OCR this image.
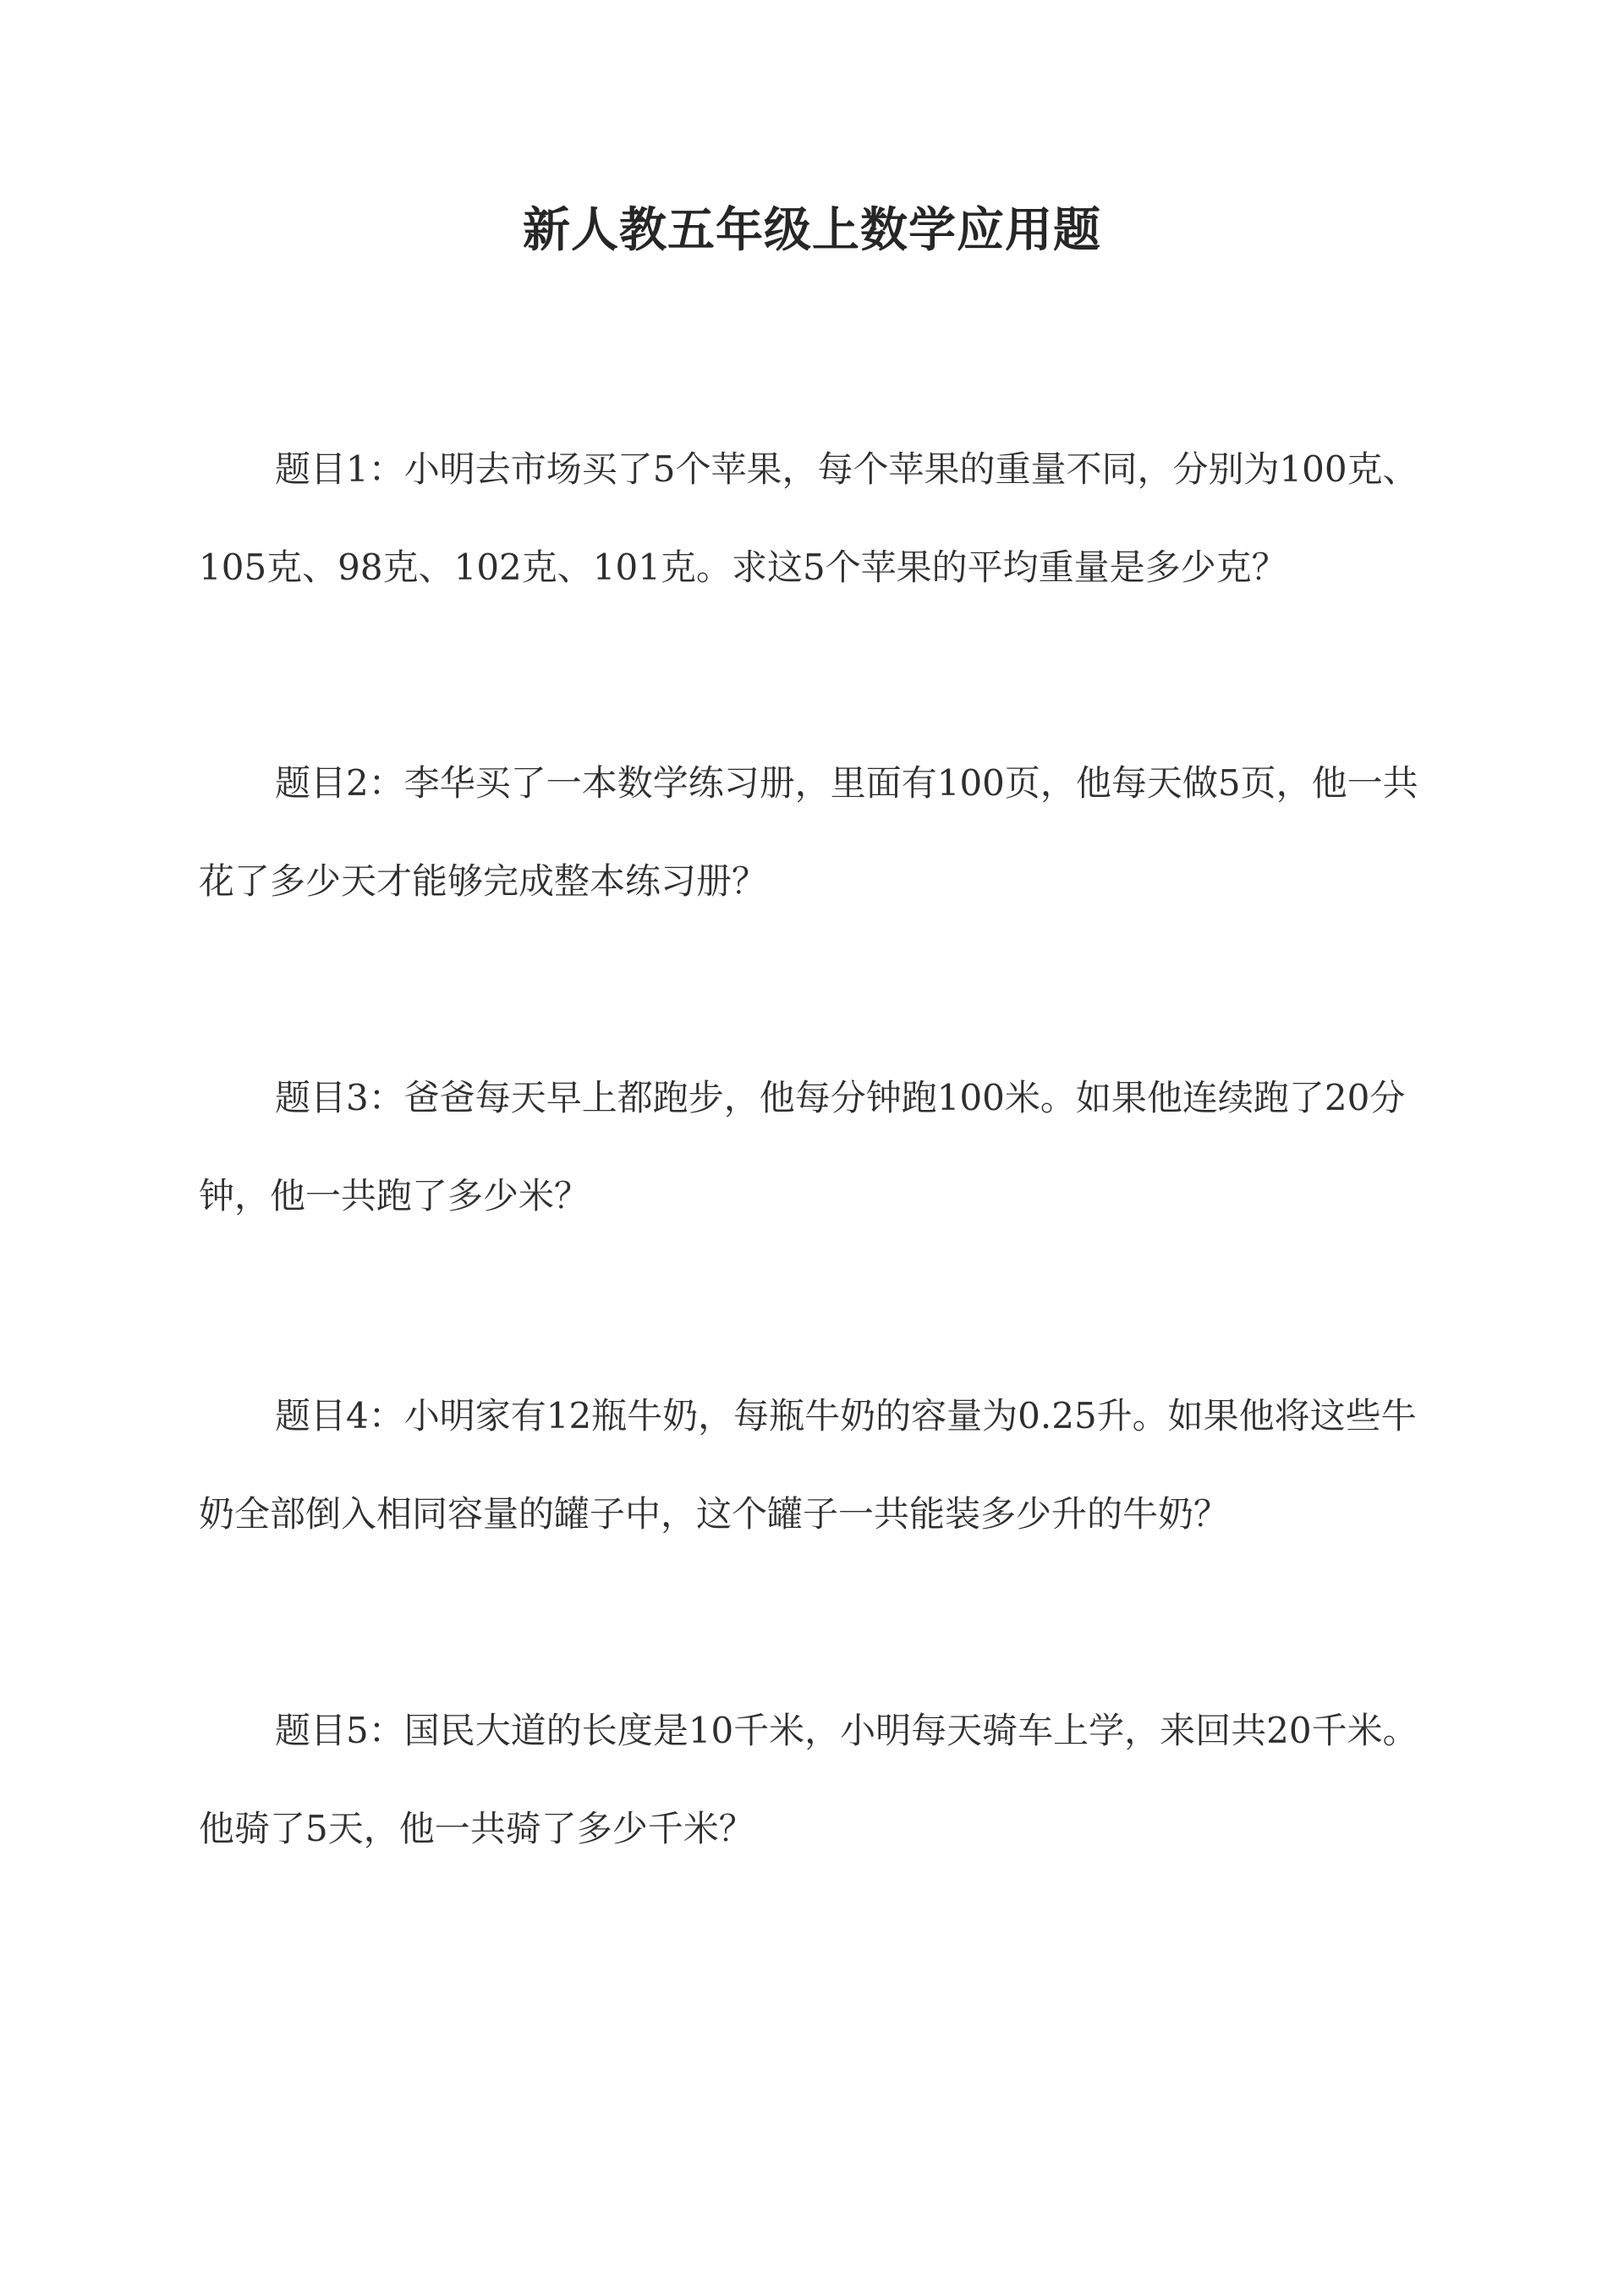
新人教五年级上数学应用题
题目1：小明去市场买了5个苹果，每个苹果的重量不同，分别为100克、105克、98克、102克、101克。求这5个苹果的平均重量是多少克？
题目2：李华买了一本数学练习册，里面有100页，他每天做5页，他一共花了多少天才能够完成整本练习册？
题目3：爸爸每天早上都跑步，他每分钟跑100米。如果他连续跑了20分钟，他一共跑了多少米？
题目4：小明家有12瓶牛奶，每瓶牛奶的容量为0.25升。如果他将这些牛奶全部倒入相同容量的罐子中，这个罐子一共能装多少升的牛奶？
题目5：国民大道的长度是10千米，小明每天骑车上学，来回共20千米。他骑了5天，他一共骑了多少千米？
